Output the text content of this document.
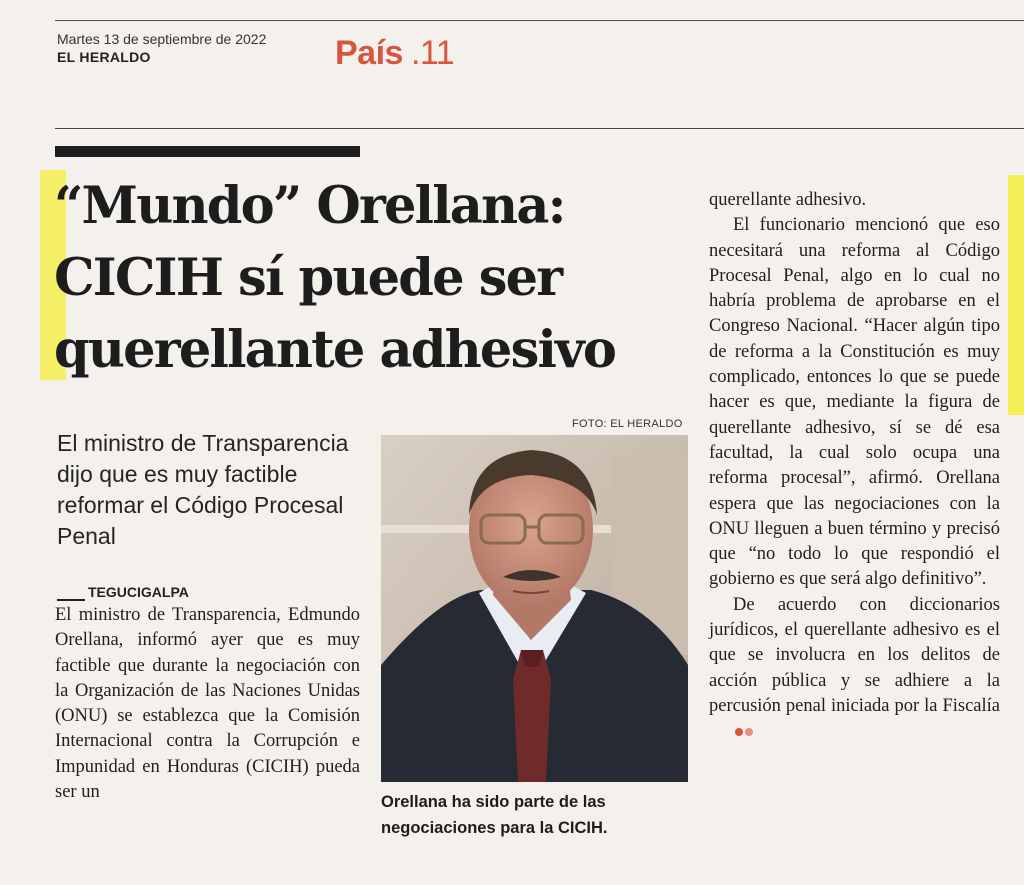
Martes 13 de septiembre de 2022
EL HERALDO	País .11
“Mundo” Orellana:
CICIH sí puede ser
querellante adhesivo
El ministro de Transparencia dijo que es muy factible reformar el Código Procesal Penal
TEGUCIGALPA

El ministro de Transparencia, Edmundo Orellana, informó ayer que es muy factible que durante la negociación con la Organización de las Naciones Unidas (ONU) se establezca que la Comisión Internacional contra la Corrupción e Impunidad en Honduras (CICIH) pueda ser un

FOTO: EL HERALDO
Orellana ha sido parte de las negociaciones para la CICIH.

querellante adhesivo.

El funcionario mencionó que eso necesitará una reforma al Código Procesal Penal, algo en lo cual no habría problema de aprobarse en el Congreso Nacional. “Hacer algún tipo de reforma a la Constitución es muy complicado, entonces lo que se puede hacer es que, mediante la figura de querellante adhesivo, sí se dé esa facultad, la cual solo ocupa una reforma procesal”, afirmó. Orellana espera que las negociaciones con la ONU lleguen a buen término y precisó que “no todo lo que respondió el gobierno es que será algo definitivo”.

De acuerdo con diccionarios jurídicos, el querellante adhesivo es el que se involucra en los delitos de acción pública y se adhiere a la percusión penal iniciada por la Fiscalía
